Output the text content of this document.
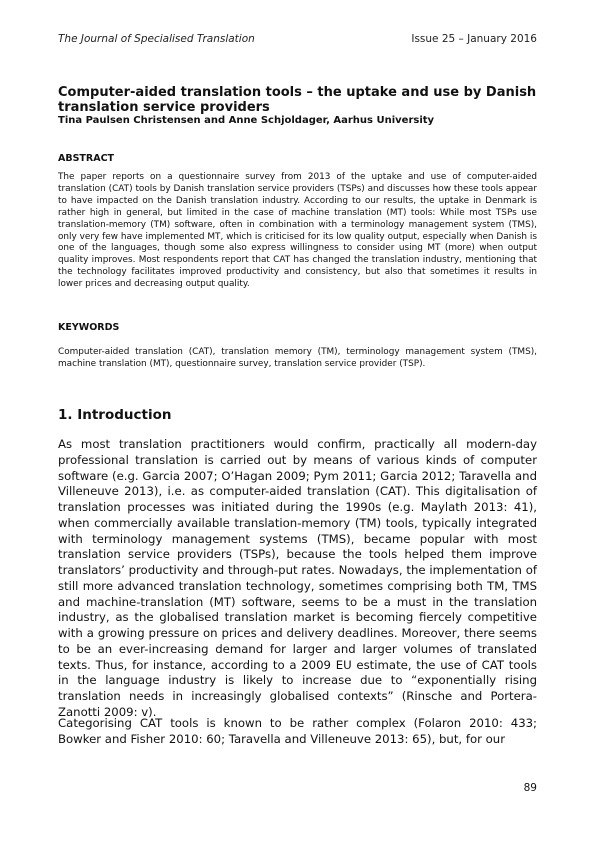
The Journal of Specialised Translation	Issue 25 – January 2016
Computer-aided translation tools – the uptake and use by Danish translation service providers
Tina Paulsen Christensen and Anne Schjoldager, Aarhus University
ABSTRACT

The paper reports on a questionnaire survey from 2013 of the uptake and use of computer-aided translation (CAT) tools by Danish translation service providers (TSPs) and discusses how these tools appear to have impacted on the Danish translation industry. According to our results, the uptake in Denmark is rather high in general, but limited in the case of machine translation (MT) tools: While most TSPs use translation-memory (TM) software, often in combination with a terminology management system (TMS), only very few have implemented MT, which is criticised for its low quality output, especially when Danish is one of the languages, though some also express willingness to consider using MT (more) when output quality improves. Most respondents report that CAT has changed the translation industry, mentioning that the technology facilitates improved productivity and consistency, but also that sometimes it results in lower prices and decreasing output quality.

KEYWORDS

Computer-aided translation (CAT), translation memory (TM), terminology management system (TMS), machine translation (MT), questionnaire survey, translation service provider (TSP).

1. Introduction

As most translation practitioners would confirm, practically all modern-day professional translation is carried out by means of various kinds of computer software (e.g. Garcia 2007; O’Hagan 2009; Pym 2011; Garcia 2012; Taravella and Villeneuve 2013), i.e. as computer-aided translation (CAT). This digitalisation of translation processes was initiated during the 1990s (e.g. Maylath 2013: 41), when commercially available translation-memory (TM) tools, typically integrated with terminology management systems (TMS), became popular with most translation service providers (TSPs), because the tools helped them improve translators’ productivity and through-put rates. Nowadays, the implementation of still more advanced translation technology, sometimes comprising both TM, TMS and machine-translation (MT) software, seems to be a must in the translation industry, as the globalised translation market is becoming fiercely competitive with a growing pressure on prices and delivery deadlines. Moreover, there seems to be an ever-increasing demand for larger and larger volumes of translated texts. Thus, for instance, according to a 2009 EU estimate, the use of CAT tools in the language industry is likely to increase due to “exponentially rising translation needs in increasingly globalised contexts” (Rinsche and Portera-Zanotti 2009: v).

Categorising CAT tools is known to be rather complex (Folaron 2010: 433; Bowker and Fisher 2010: 60; Taravella and Villeneuve 2013: 65), but, for our

89
